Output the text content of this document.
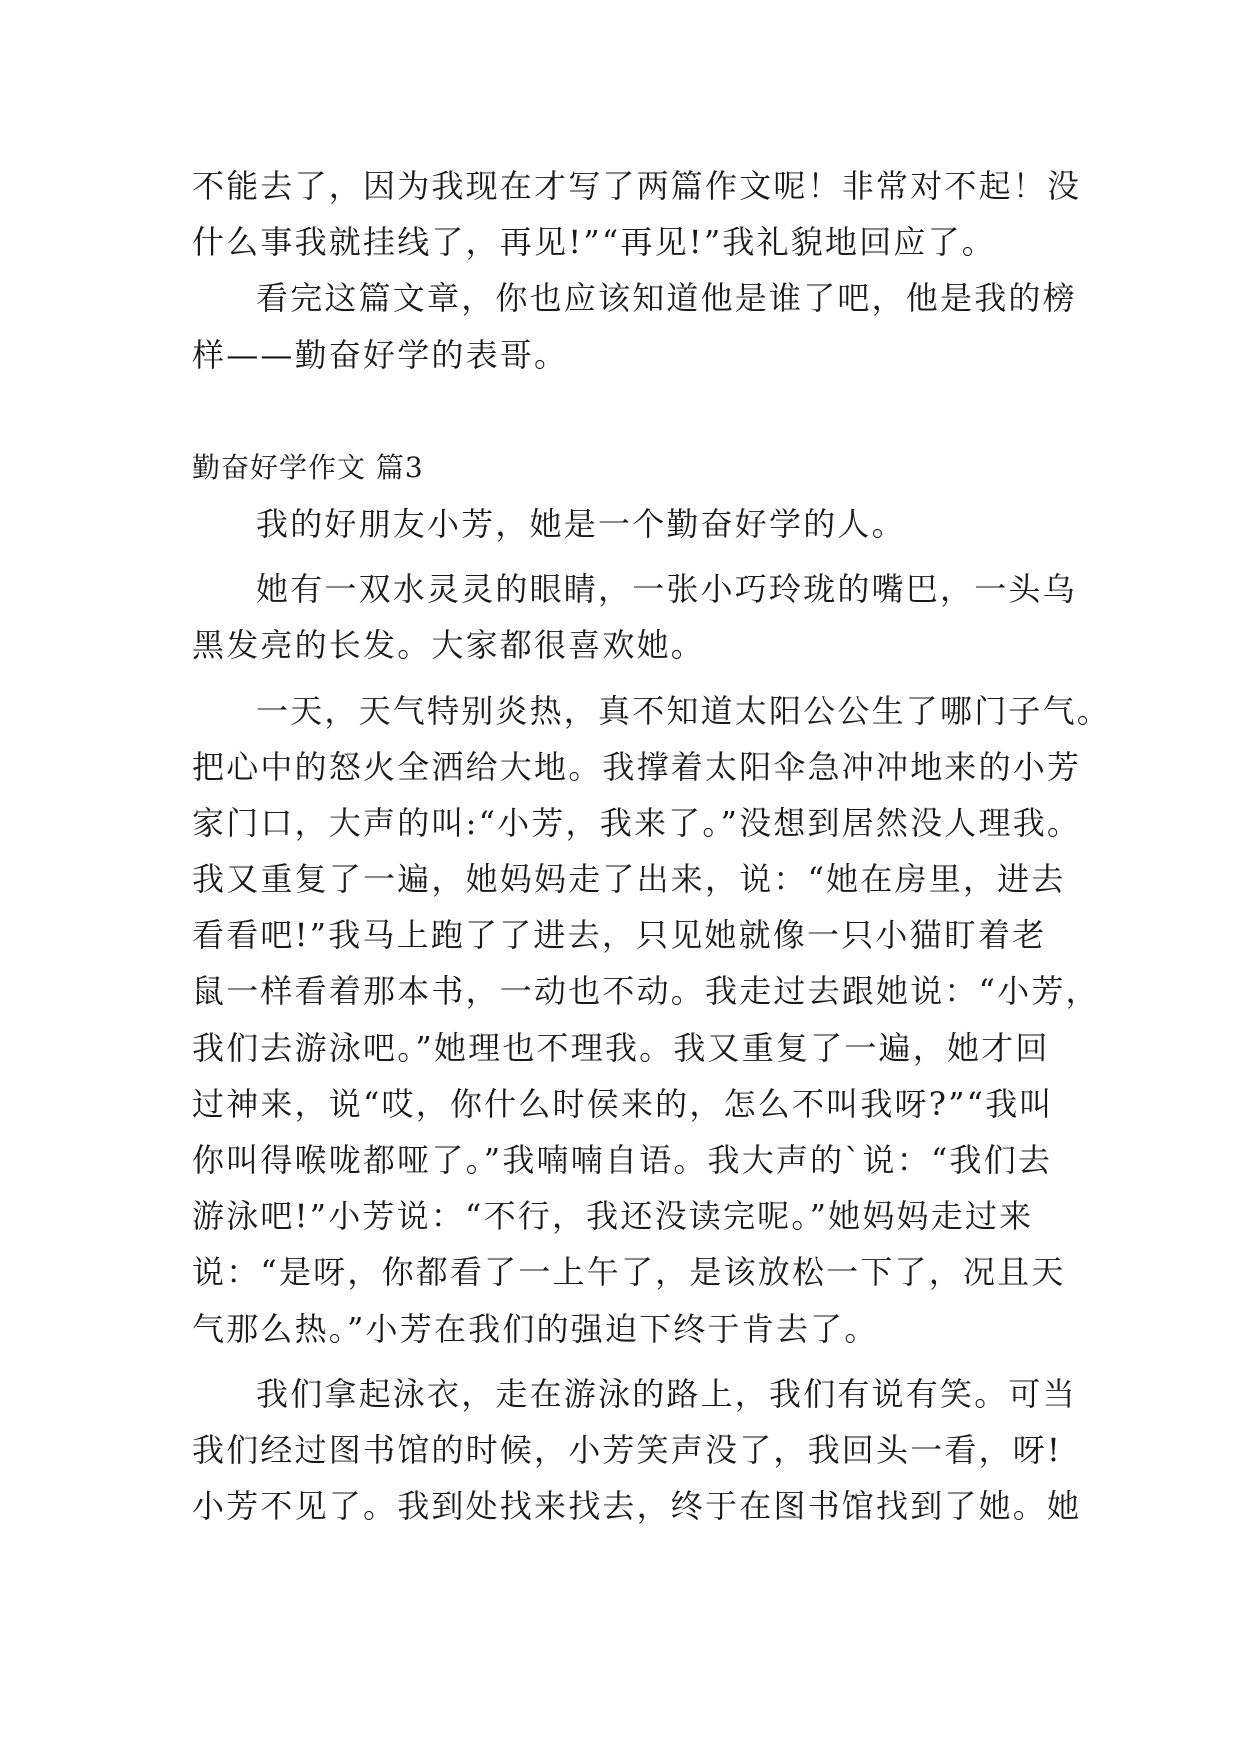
不能去了，因为我现在才写了两篇作文呢！非常对不起！没
什么事我就挂线了，再见!”“再见!”我礼貌地回应了。
看完这篇文章，你也应该知道他是谁了吧，他是我的榜
样——勤奋好学的表哥。
勤奋好学作文 篇3
我的好朋友小芳，她是一个勤奋好学的人。
她有一双水灵灵的眼睛，一张小巧玲珑的嘴巴，一头乌
黑发亮的长发。大家都很喜欢她。
一天，天气特别炎热，真不知道太阳公公生了哪门子气。
把心中的怒火全洒给大地。我撑着太阳伞急冲冲地来的小芳
家门口，大声的叫:“小芳，我来了。”没想到居然没人理我。
我又重复了一遍，她妈妈走了出来，说：“她在房里，进去
看看吧!”我马上跑了了进去，只见她就像一只小猫盯着老
鼠一样看着那本书，一动也不动。我走过去跟她说：“小芳，
我们去游泳吧。”她理也不理我。我又重复了一遍，她才回
过神来，说“哎，你什么时侯来的，怎么不叫我呀?”“我叫
你叫得喉咙都哑了。”我喃喃自语。我大声的`说：“我们去
游泳吧!”小芳说：“不行，我还没读完呢。”她妈妈走过来
说：“是呀，你都看了一上午了，是该放松一下了，况且天
气那么热。”小芳在我们的强迫下终于肯去了。
我们拿起泳衣，走在游泳的路上，我们有说有笑。可当
我们经过图书馆的时候，小芳笑声没了，我回头一看，呀!
小芳不见了。我到处找来找去，终于在图书馆找到了她。她
